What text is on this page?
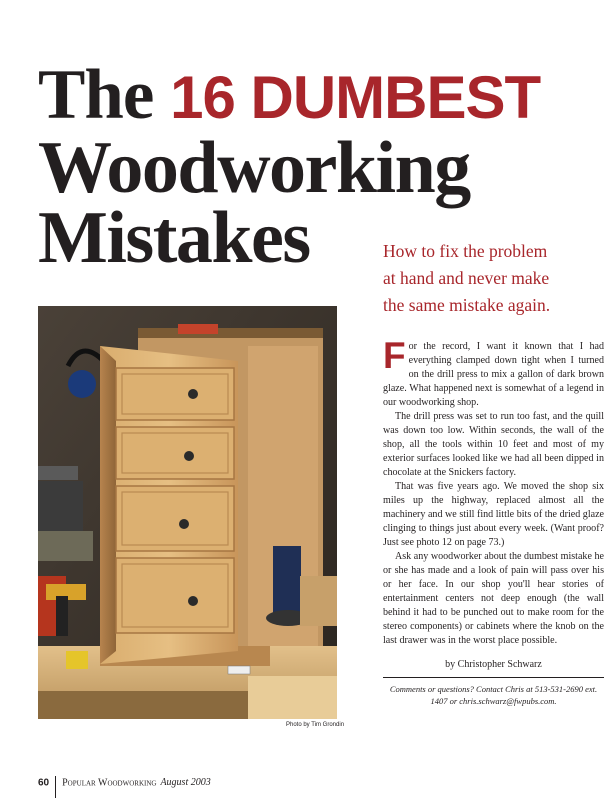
The 16 DUMBEST
Woodworking
Mistakes	How to fix the problem
at hand and never make
the same mistake again.
Photo by Tim Grondin

For the record, I want it known that I had everything clamped down tight when I turned on the drill press to mix a gallon of dark brown glaze. What happened next is somewhat of a legend in our woodworking shop.

The drill press was set to run too fast, and the quill was down too low. Within seconds, the wall of the shop, all the tools within 10 feet and most of my exterior surfaces looked like we had all been dipped in chocolate at the Snickers factory.

That was five years ago. We moved the shop six miles up the highway, replaced almost all the machinery and we still find little bits of the dried glaze clinging to things just about every week. (Want proof? Just see photo 12 on page 73.)

Ask any woodworker about the dumbest mistake he or she has made and a look of pain will pass over his or her face. In our shop you'll hear stories of entertainment centers not deep enough (the wall behind it had to be punched out to make room for the stereo components) or cabinets where the knob on the last drawer was in the worst place possible.

by Christopher Schwarz
Comments or questions? Contact Chris at 513-531-2690 ext. 1407 or chris.schwarz@fwpubs.com.
60 Popular Woodworking August 2003
